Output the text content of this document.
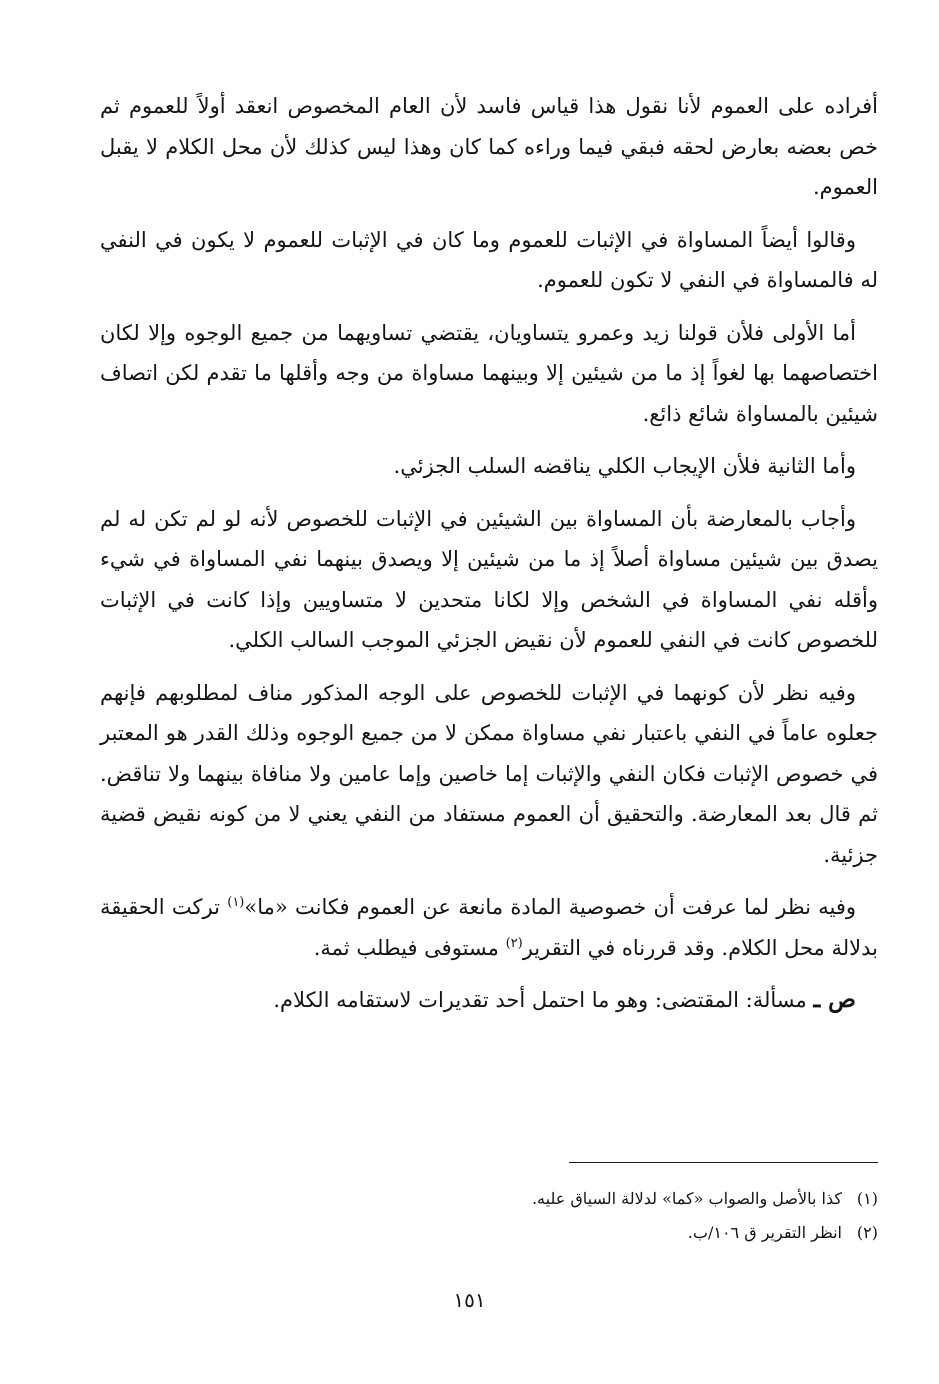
أفراده على العموم لأنا نقول هذا قياس فاسد لأن العام المخصوص انعقد أولاً للعموم ثم خص بعضه بعارض لحقه فبقي فيما وراءه كما كان وهذا ليس كذلك لأن محل الكلام لا يقبل العموم.

وقالوا أيضاً المساواة في الإثبات للعموم وما كان في الإثبات للعموم لا يكون في النفي له فالمساواة في النفي لا تكون للعموم.

أما الأولى فلأن قولنا زيد وعمرو يتساويان، يقتضي تساويهما من جميع الوجوه وإلا لكان اختصاصهما بها لغواً إذ ما من شيئين إلا وبينهما مساواة من وجه وأقلها ما تقدم لكن اتصاف شيئين بالمساواة شائع ذائع.

وأما الثانية فلأن الإيجاب الكلي يناقضه السلب الجزئي.

وأجاب بالمعارضة بأن المساواة بين الشيئين في الإثبات للخصوص لأنه لو لم تكن له لم يصدق بين شيئين مساواة أصلاً إذ ما من شيئين إلا ويصدق بينهما نفي المساواة في شيء وأقله نفي المساواة في الشخص وإلا لكانا متحدين لا متساويين وإذا كانت في الإثبات للخصوص كانت في النفي للعموم لأن نقيض الجزئي الموجب السالب الكلي.

وفيه نظر لأن كونهما في الإثبات للخصوص على الوجه المذكور مناف لمطلوبهم فإنهم جعلوه عاماً في النفي باعتبار نفي مساواة ممكن لا من جميع الوجوه وذلك القدر هو المعتبر في خصوص الإثبات فكان النفي والإثبات إما خاصين وإما عامين ولا منافاة بينهما ولا تناقض. ثم قال بعد المعارضة. والتحقيق أن العموم مستفاد من النفي يعني لا من كونه نقيض قضية جزئية.

وفيه نظر لما عرفت أن خصوصية المادة مانعة عن العموم فكانت «ما»$^{(١)}$ تركت الحقيقة بدلالة محل الكلام. وقد قررناه في التقرير$^{(٢)}$ مستوفى فيطلب ثمة.

ص ـ مسألة: المقتضى: وهو ما احتمل أحد تقديرات لاستقامه الكلام.

(١)
كذا بالأصل والصواب «كما» لدلالة السياق عليه.
(٢)
انظر التقرير ق ١٠٦/ب.
١٥١
